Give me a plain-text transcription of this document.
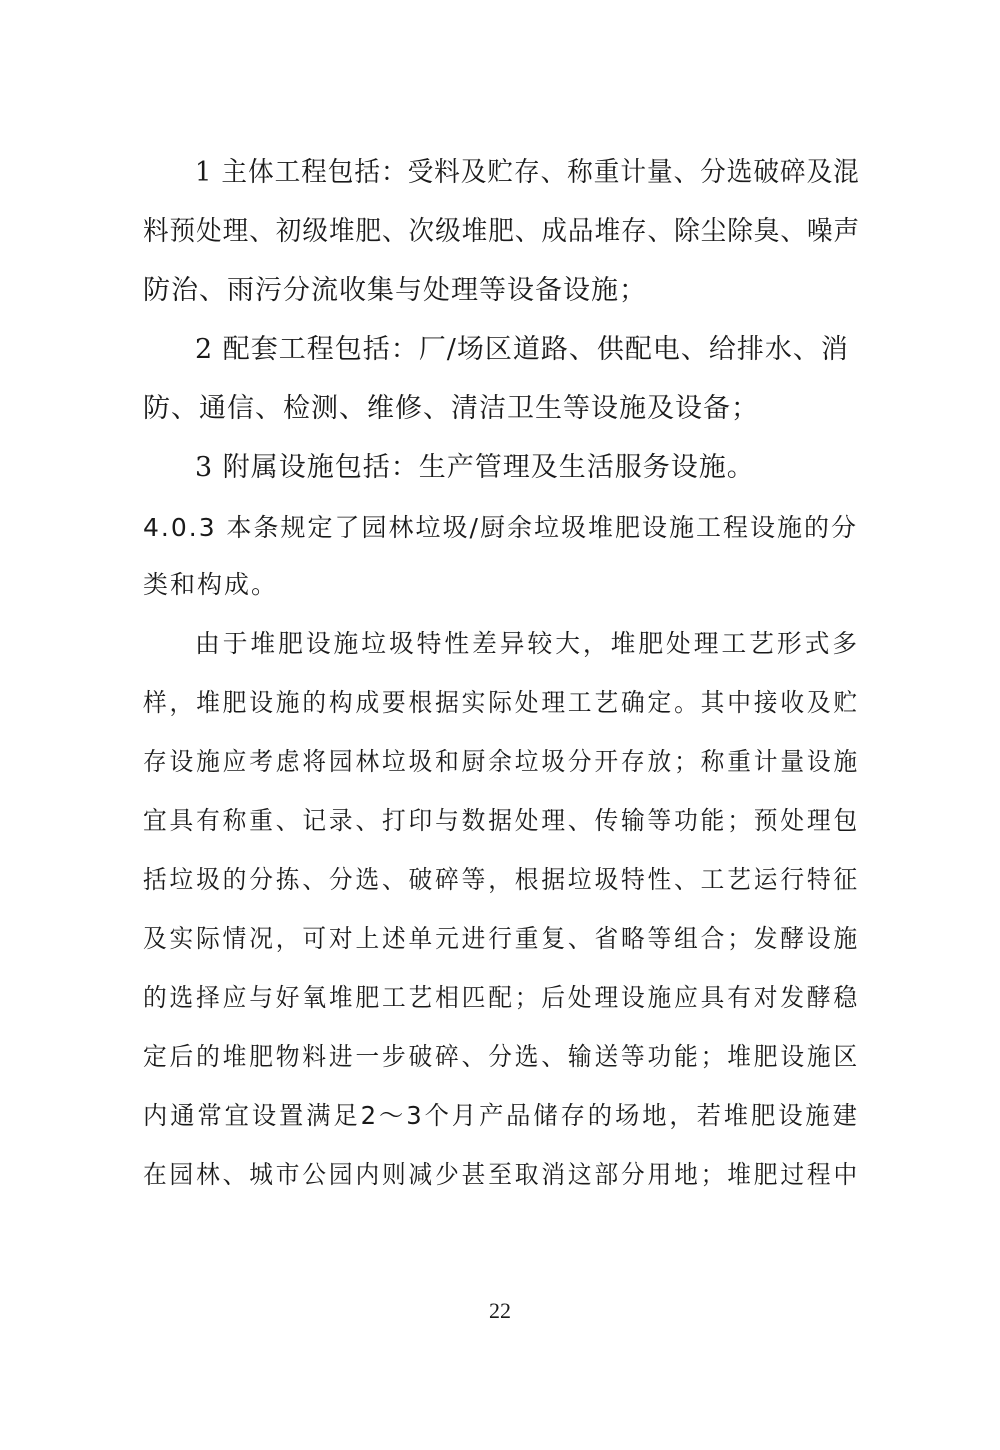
1 主体工程包括：受料及贮存、称重计量、分选破碎及混

料预处理、初级堆肥、次级堆肥、成品堆存、除尘除臭、噪声

防治、雨污分流收集与处理等设备设施；

2 配套工程包括：厂/场区道路、供配电、给排水、消

防、通信、检测、维修、清洁卫生等设施及设备；

3 附属设施包括：生产管理及生活服务设施。

4.0.3 本条规定了园林垃圾/厨余垃圾堆肥设施工程设施的分

类和构成。

由于堆肥设施垃圾特性差异较大，堆肥处理工艺形式多

样，堆肥设施的构成要根据实际处理工艺确定。其中接收及贮

存设施应考虑将园林垃圾和厨余垃圾分开存放；称重计量设施

宜具有称重、记录、打印与数据处理、传输等功能；预处理包

括垃圾的分拣、分选、破碎等，根据垃圾特性、工艺运行特征

及实际情况，可对上述单元进行重复、省略等组合；发酵设施

的选择应与好氧堆肥工艺相匹配；后处理设施应具有对发酵稳

定后的堆肥物料进一步破碎、分选、输送等功能；堆肥设施区

内通常宜设置满足2～3个月产品储存的场地，若堆肥设施建

在园林、城市公园内则减少甚至取消这部分用地；堆肥过程中

22
